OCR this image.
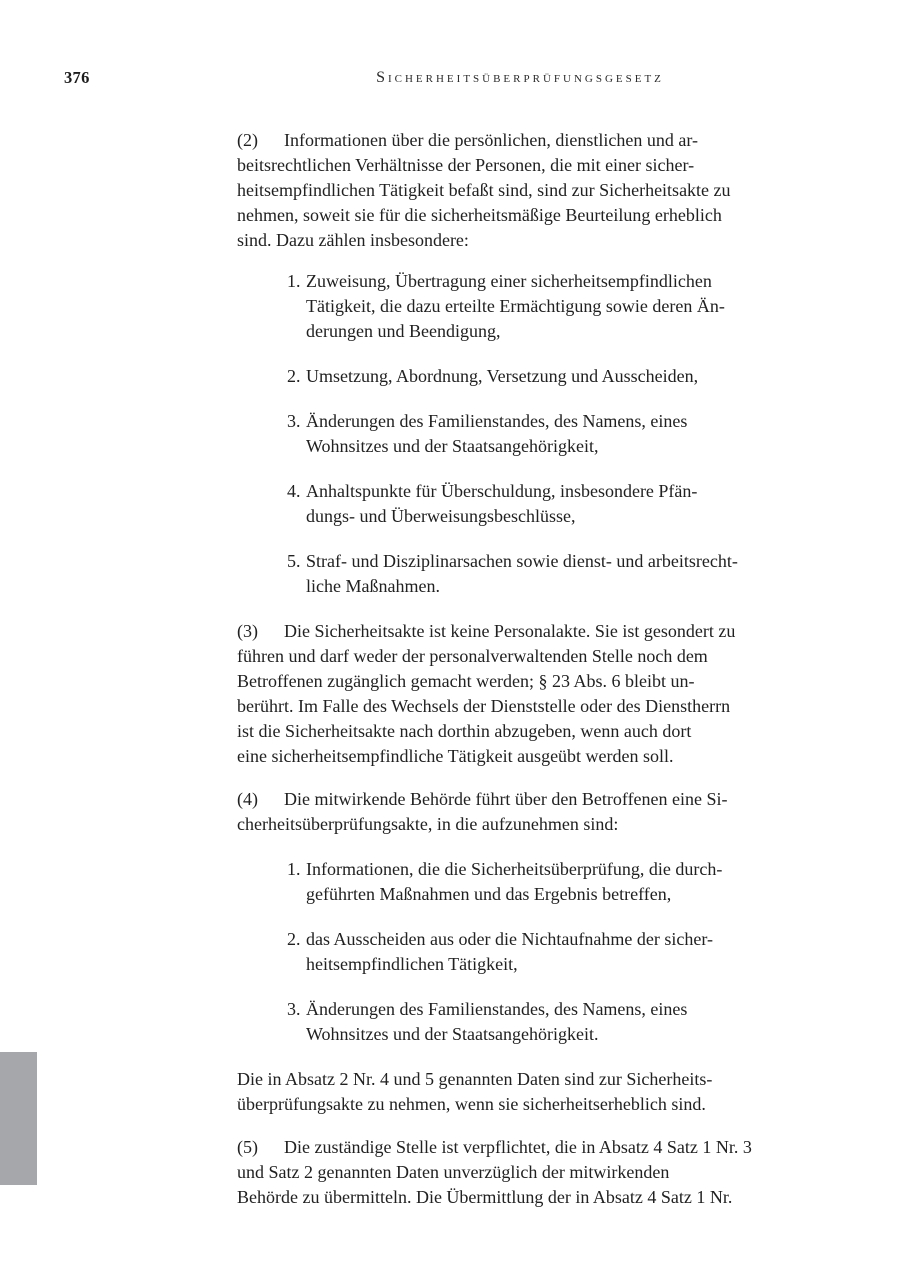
376	Sicherheitsüberprüfungsgesetz
(2) Informationen über die persönlichen, dienstlichen und ar-
beitsrechtlichen Verhältnisse der Personen, die mit einer sicher-
heitsempfindlichen Tätigkeit befaßt sind, sind zur Sicherheitsakte zu
nehmen, soweit sie für die sicherheitsmäßige Beurteilung erheblich
sind. Dazu zählen insbesondere:
1. Zuweisung, Übertragung einer sicherheitsempfindlichen
Tätigkeit, die dazu erteilte Ermächtigung sowie deren Än-
derungen und Beendigung,
2. Umsetzung, Abordnung, Versetzung und Ausscheiden,
3. Änderungen des Familienstandes, des Namens, eines
Wohnsitzes und der Staatsangehörigkeit,
4. Anhaltspunkte für Überschuldung, insbesondere Pfän-
dungs- und Überweisungsbeschlüsse,
5. Straf- und Disziplinarsachen sowie dienst- und arbeitsrecht-
liche Maßnahmen.
(3) Die Sicherheitsakte ist keine Personalakte. Sie ist gesondert zu
führen und darf weder der personalverwaltenden Stelle noch dem
Betroffenen zugänglich gemacht werden; § 23 Abs. 6 bleibt un-
berührt. Im Falle des Wechsels der Dienststelle oder des Dienstherrn
ist die Sicherheitsakte nach dorthin abzugeben, wenn auch dort
eine sicherheitsempfindliche Tätigkeit ausgeübt werden soll.
(4) Die mitwirkende Behörde führt über den Betroffenen eine Si-
cherheitsüberprüfungsakte, in die aufzunehmen sind:
1. Informationen, die die Sicherheitsüberprüfung, die durch-
geführten Maßnahmen und das Ergebnis betreffen,
2. das Ausscheiden aus oder die Nichtaufnahme der sicher-
heitsempfindlichen Tätigkeit,
3. Änderungen des Familienstandes, des Namens, eines
Wohnsitzes und der Staatsangehörigkeit.
Die in Absatz 2 Nr. 4 und 5 genannten Daten sind zur Sicherheits-
überprüfungsakte zu nehmen, wenn sie sicherheitserheblich sind.
(5) Die zuständige Stelle ist verpflichtet, die in Absatz 4 Satz 1 Nr. 3
und Satz 2 genannten Daten unverzüglich der mitwirkenden
Behörde zu übermitteln. Die Übermittlung der in Absatz 4 Satz 1 Nr.
